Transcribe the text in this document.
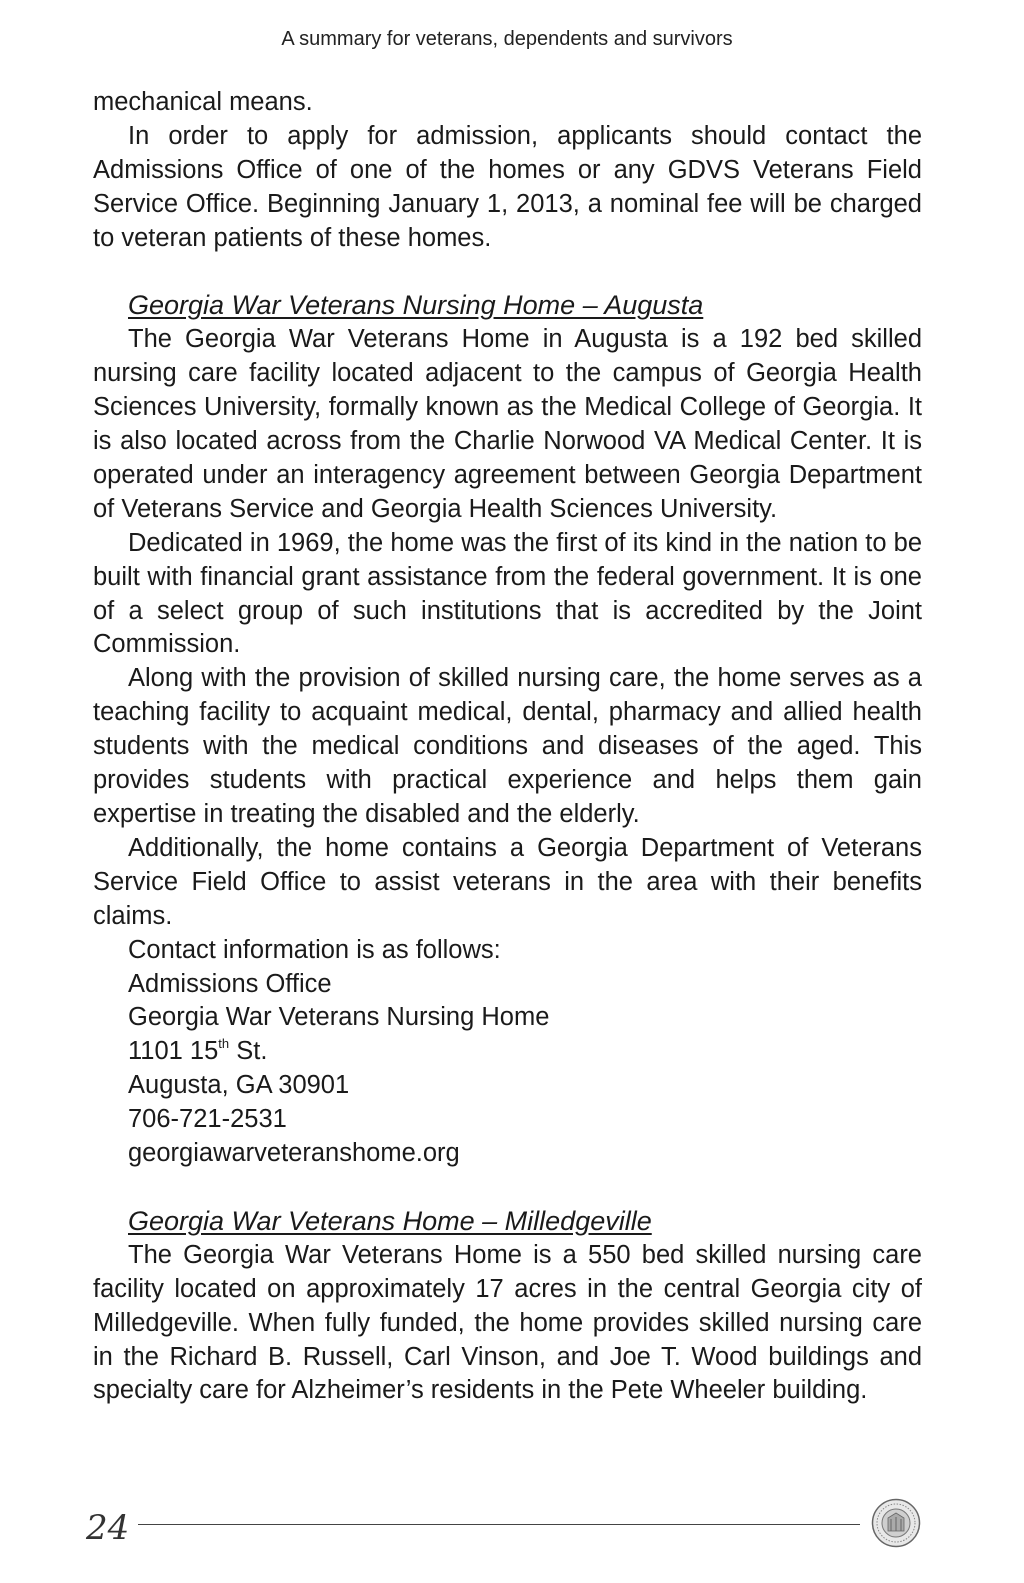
A summary for veterans, dependents and survivors

mechanical means.

In order to apply for admission, applicants should contact the Admissions Office of one of the homes or any GDVS Veterans Field Service Office. Beginning January 1, 2013, a nominal fee will be charged to veteran patients of these homes.

Georgia War Veterans Nursing Home – Augusta

The Georgia War Veterans Home in Augusta is a 192 bed skilled nursing care facility located adjacent to the campus of Georgia Health Sciences University, formally known as the Medical College of Georgia. It is also located across from the Charlie Norwood VA Medical Center. It is operated under an interagency agreement between Georgia Department of Veterans Service and Georgia Health Sciences University.

Dedicated in 1969, the home was the first of its kind in the nation to be built with financial grant assistance from the federal government. It is one of a select group of such institutions that is accredited by the Joint Commission.

Along with the provision of skilled nursing care, the home serves as a teaching facility to acquaint medical, dental, pharmacy and allied health students with the medical conditions and diseases of the aged. This provides students with practical experience and helps them gain expertise in treating the disabled and the elderly.

Additionally, the home contains a Georgia Department of Veterans Service Field Office to assist veterans in the area with their benefits claims.

Contact information is as follows:
Admissions Office
Georgia War Veterans Nursing Home
1101 15th St.
Augusta, GA 30901
706-721-2531
georgiawarveteranshome.org
Georgia War Veterans Home – Milledgeville

The Georgia War Veterans Home is a 550 bed skilled nursing care facility located on approximately 17 acres in the central Georgia city of Milledgeville. When fully funded, the home provides skilled nursing care in the Richard B. Russell, Carl Vinson, and Joe T. Wood buildings and specialty care for Alzheimer’s residents in the Pete Wheeler building.

24
